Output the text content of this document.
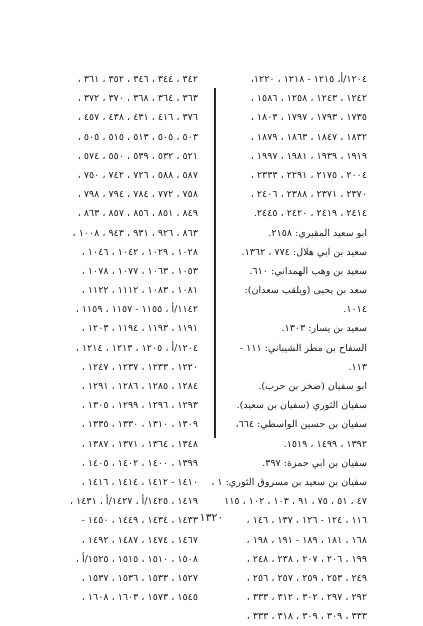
١٢٠٤/أ، ١٢١٥ - ١٢١٨ ، ١٢٢٠،
١٢٤٢ ، ١٢٤٣ ، ١٢٥٨ ، ١٥٨٦ ،
١٧٣٥ ، ١٧٩٣ ، ١٧٩٧ ، ١٨٠٣ ،
١٨٣٢ ، ١٨٤٧ ، ١٨٦٣ ، ١٨٧٩ ،
١٩١٩ ، ١٩٣٩ ، ١٩٨١ ، ١٩٩٧ ،
٢٠٠٤ ، ٢١٧٥ ، ٢٢٩١ ، ٢٣٣٣ ،
٢٣٧٠ ، ٢٣٧١ ، ٢٣٨٨ ، ٢٤٠٦ ،
٢٤١٤ ، ٢٤١٩ ، ٢٤٢٠ ، ٢٤٤٥.
ابو سعيد المقبري: ٢١٥٨.
سعيد بن ابي هلال: ٧٧٤ ، ١٣٦٢.
سعيد بن وهب الهمداني: ٦١٠.
سعد بن يحيى (ويلقب سعدان):
١٠١٤.
سعيد بن يسار: ١٣٠٣.
السفاح بن مطر الشيباني: ١١١ -
١١٣.
ابو سفيان (صخر بن حرب).
سفيان الثوري (سفيان بن سعيد).
سفيان بن حسين الواسطي: ٦٦٤،
١٣٩٢ ، ١٤٩٩ ، ١٥١٩.
سفيان بن ابي حمزة: ٣٩٧.
سفيان بن سعيد بن مسروق الثوري: ١ ،
٤٧ ، ٥١ ، ٧٥ ، ٩١ ، ١٠٣ ، ١٠٢ ، ١١٥
١١٦ ، ١٢٤ - ١٢٦ ، ١٣٧ ، ١٤٦ ،
١٦٨ ، ١٨١ ، ١٨٩ - ١٩١ ، ١٩٨ ،
١٩٩ ، ٢٠٦ ، ٢٠٧ ، ٢٣٨ ، ٢٤٨ ،
٢٤٩ ، ٢٥٣ ، ٢٥٩ ، ٢٥٧ ، ٢٥٦ ،
٢٩٢ ، ٢٩٧ ، ٣٠٢ ، ٣١٢ ، ٣٣٣ ،
٣٣٣ ، ٣٠٩ ، ٣٠٩ ، ٣١٨ ، ٣٣٣ ،
٣٤٢ ، ٣٤٤ ، ٣٤٦ ، ٣٥٢ ، ٣٦١ ،
٣٦٣ ، ٣٦٤ ، ٣٦٨ ، ٣٧٠ ، ٣٧٢ ،
٣٧٦ ، ٤١٦ ، ٤٣١ ، ٤٣٨ ، ٤٥٧ ،
٥٠٣ ، ٥٠٥ ، ٥١٣ ، ٥١٥ ، ٥٠٥ ،
٥٢١ ، ٥٣٢ ، ٥٣٩ ، ٥٥٠ ، ٥٧٤ ،
٥٨٧ ، ٥٨٨ ، ٧٢٦ ، ٧٤٢ ، ٧٥٠ ،
٧٥٨ ، ٧٧٢ ، ٧٨٤ ، ٧٩٤ ، ٧٩٨ ،
٨٤٩ ، ٨٥١ ، ٨٥٦ ، ٨٥٧ ، ٨٦٣ ،
٨٦٣ ، ٩٢٦ ، ٩٣١ ، ٩٤٣ ، ١٠٠٨ ،
١٠٢٨ ، ١٠٢٩ ، ١٠٤٢ ، ١٠٤٦ ،
١٠٥٣ ، ١٠٦٣ ، ١٠٧٧ ، ١٠٧٨ ،
١٠٨١ ، ١٠٨٣ ، ١١١٢ ، ١١٢٢ ،
١١٤٢/أ ، ١١٥٥ - ١١٥٧ ، ١١٥٩ ،
١١٩١ ، ١١٩٣ ، ١١٩٤ ، ١٢٠٣ ،
١٢٠٤/أ ، ١٢٠٥ ، ١٢١٣ ، ١٢١٤ ،
١٢٢٠ ، ١٢٣٣ ، ١٢٣٧ ، ١٢٤٧ ،
١٢٨٤ ، ١٢٨٥ ، ١٢٨٦ ، ١٢٩١ ،
١٢٩٣ ، ١٢٩٦ ، ١٢٩٩ ، ١٣٠٥ ،
١٣٠٩ ، ١٣١٠ ، ١٣٣٠ ، ١٣٣٥ ،
١٣٤٨ ، ١٣٦٤ ، ١٣٧١ ، ١٣٨٧ ،
١٣٩٩ ، ١٤٠٠ ، ١٤٠٢ ، ١٤٠٥ ،
١٤١٠ - ١٤١٢ ، ١٤١٤ ، ١٤١٦ ،
١٤١٩ ، ١٤٢٥/أ ، ١٤٢٧/أ ، ١٤٣١ ،
١٤٣٣ ، ١٤٣٤ ، ١٤٤٩ ، ١٤٥٠ -
١٤٦٧ ، ١٤٧٤ ، ١٤٨٧ ، ١٤٩٢ ،
١٥٠٨ ، ١٥١٠ ، ١٥١٥ ، ١٥٢٥/أ ،
١٥٢٧ ، ١٥٣٣ ، ١٥٣٦ ، ١٥٣٧ ،
١٥٤٥ ، ١٥٧٣ ، ١٦٠٣ ، ١٦٠٨ ،
١٣٢٠
